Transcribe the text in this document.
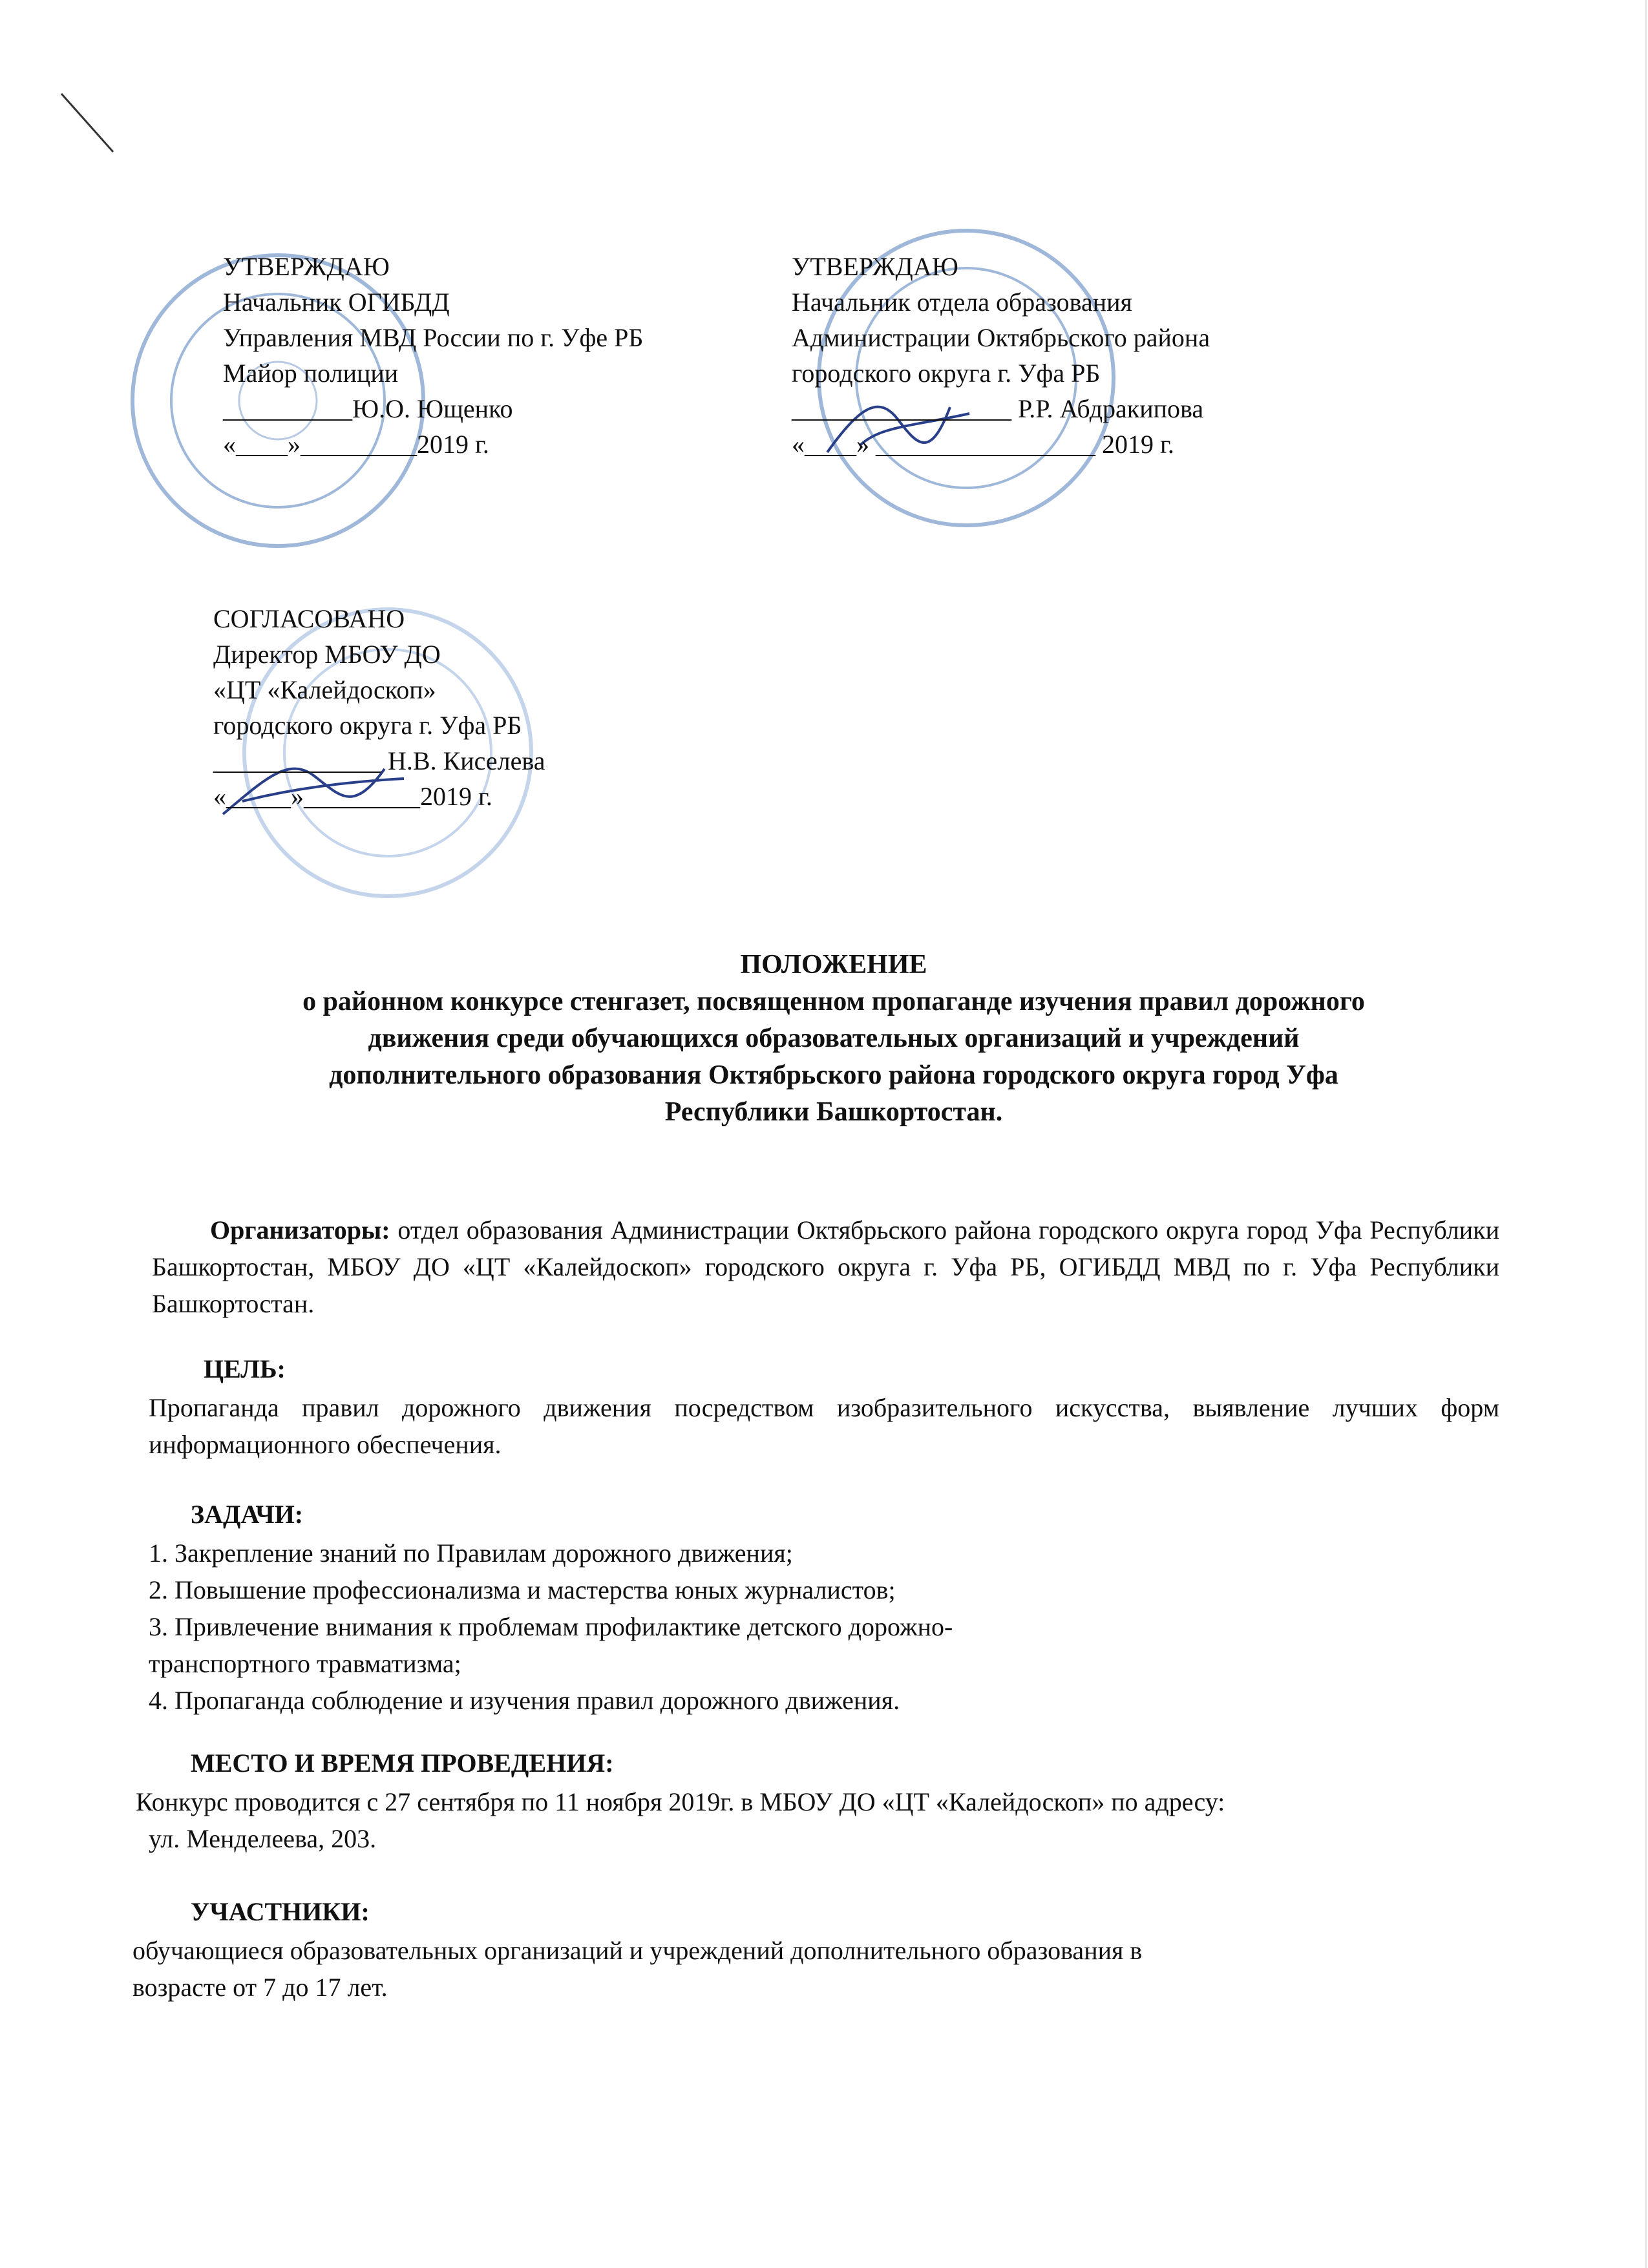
УТВЕРЖДАЮ
Начальник ОГИБДД
Управления МВД России по г. Уфе РБ
Майор полиции
__________Ю.О. Ющенко
«____»_________2019 г.
УТВЕРЖДАЮ
Начальник отдела образования
Администрации Октябрьского района
городского округа г. Уфа РБ
_________________ Р.Р. Абдракипова
«____» _________________ 2019 г.
СОГЛАСОВАНО
Директор МБОУ ДО
«ЦТ «Калейдоскоп»
городского округа г. Уфа РБ
_____________ Н.В. Киселева
«_____»_________2019 г.
ПОЛОЖЕНИЕ
о районном конкурсе стенгазет, посвященном пропаганде изучения правил дорожного
движения среди обучающихся образовательных организаций и учреждений
дополнительного образования Октябрьского района городского округа город Уфа
Республики Башкортостан.
Организаторы: отдел образования Администрации Октябрьского района городского округа город Уфа Республики Башкортостан, МБОУ ДО «ЦТ «Калейдоскоп» городского округа г. Уфа РБ, ОГИБДД МВД по г. Уфа Республики Башкортостан.
ЦЕЛЬ:
Пропаганда правил дорожного движения посредством изобразительного искусства, выявление лучших форм информационного обеспечения.
ЗАДАЧИ:
1. Закрепление знаний по Правилам дорожного движения;
2. Повышение профессионализма и мастерства юных журналистов;
3. Привлечение внимания к проблемам профилактике детского дорожно-
транспортного травматизма;
4. Пропаганда соблюдение и изучения правил дорожного движения.
МЕСТО И ВРЕМЯ ПРОВЕДЕНИЯ:
Конкурс проводится с 27 сентября по 11 ноября 2019г. в МБОУ ДО «ЦТ «Калейдоскоп» по адресу:
ул. Менделеева, 203.
УЧАСТНИКИ:
обучающиеся образовательных организаций и учреждений дополнительного образования в
возрасте от 7 до 17 лет.
